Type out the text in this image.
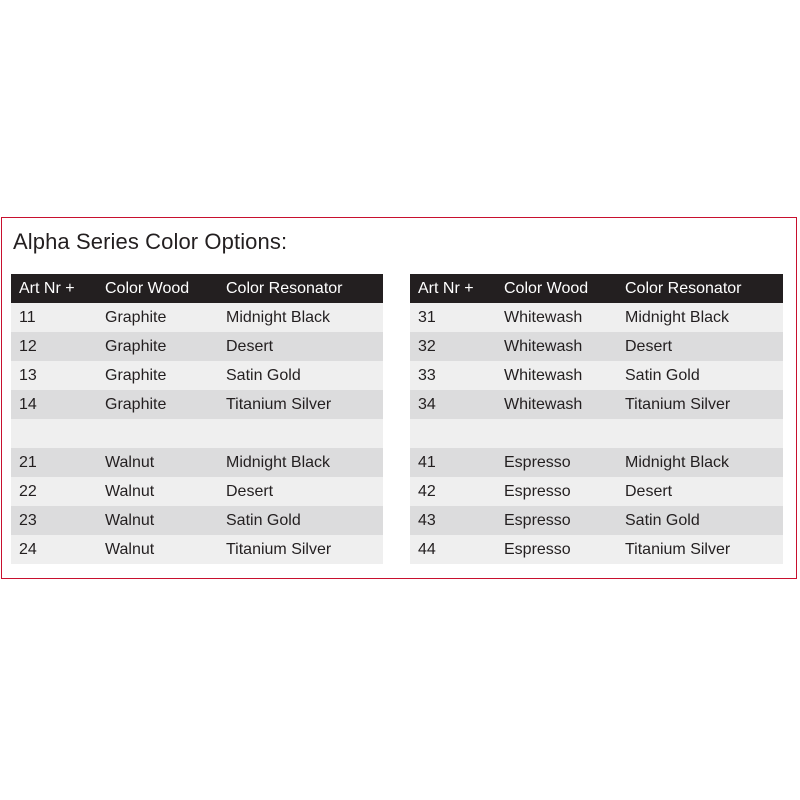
Alpha Series Color Options:
Art Nr +	Color Wood	Color Resonator
11	Graphite	Midnight Black
12	Graphite	Desert
13	Graphite	Satin Gold
14	Graphite	Titanium Silver

21	Walnut	Midnight Black
22	Walnut	Desert
23	Walnut	Satin Gold
24	Walnut	Titanium Silver
Art Nr +	Color Wood	Color Resonator
31	Whitewash	Midnight Black
32	Whitewash	Desert
33	Whitewash	Satin Gold
34	Whitewash	Titanium Silver

41	Espresso	Midnight Black
42	Espresso	Desert
43	Espresso	Satin Gold
44	Espresso	Titanium Silver
